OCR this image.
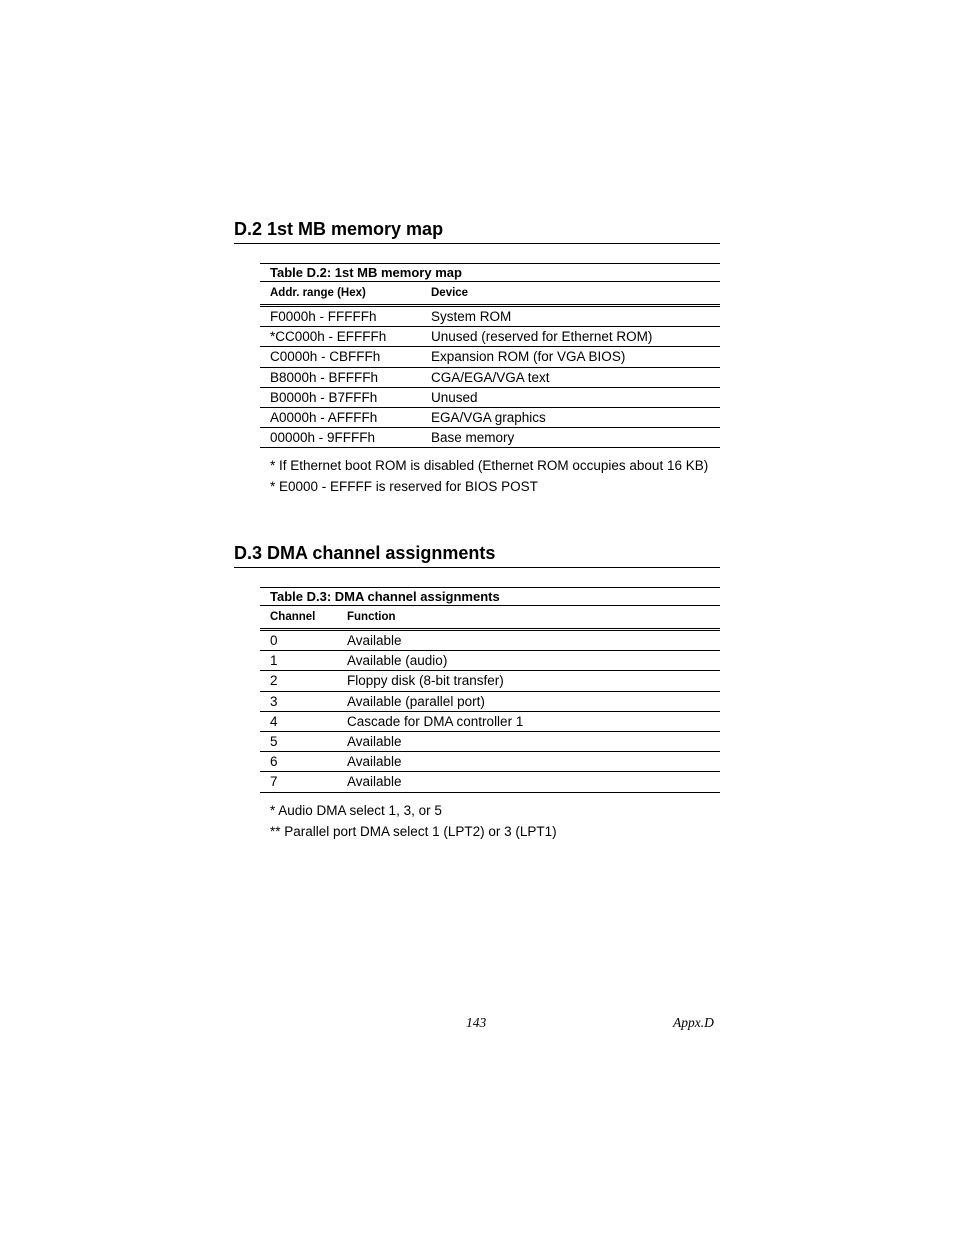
D.2 1st MB memory map
Table D.2: 1st MB memory map
Addr. range (Hex)	Device
F0000h - FFFFFh	System ROM
*CC000h - EFFFFh	Unused (reserved for Ethernet ROM)
C0000h - CBFFFh	Expansion ROM (for VGA BIOS)
B8000h - BFFFFh	CGA/EGA/VGA text
B0000h - B7FFFh	Unused
A0000h - AFFFFh	EGA/VGA graphics
00000h - 9FFFFh	Base memory

* If Ethernet boot ROM is disabled (Ethernet ROM occupies about 16 KB)

* E0000 - EFFFF is reserved for BIOS POST

D.3 DMA channel assignments
Table D.3: DMA channel assignments
Channel	Function
0	Available
1	Available (audio)
2	Floppy disk (8-bit transfer)
3	Available (parallel port)
4	Cascade for DMA controller 1
5	Available
6	Available
7	Available

* Audio DMA select 1, 3, or 5

** Parallel port DMA select 1 (LPT2) or 3 (LPT1)

143	Appx.D
